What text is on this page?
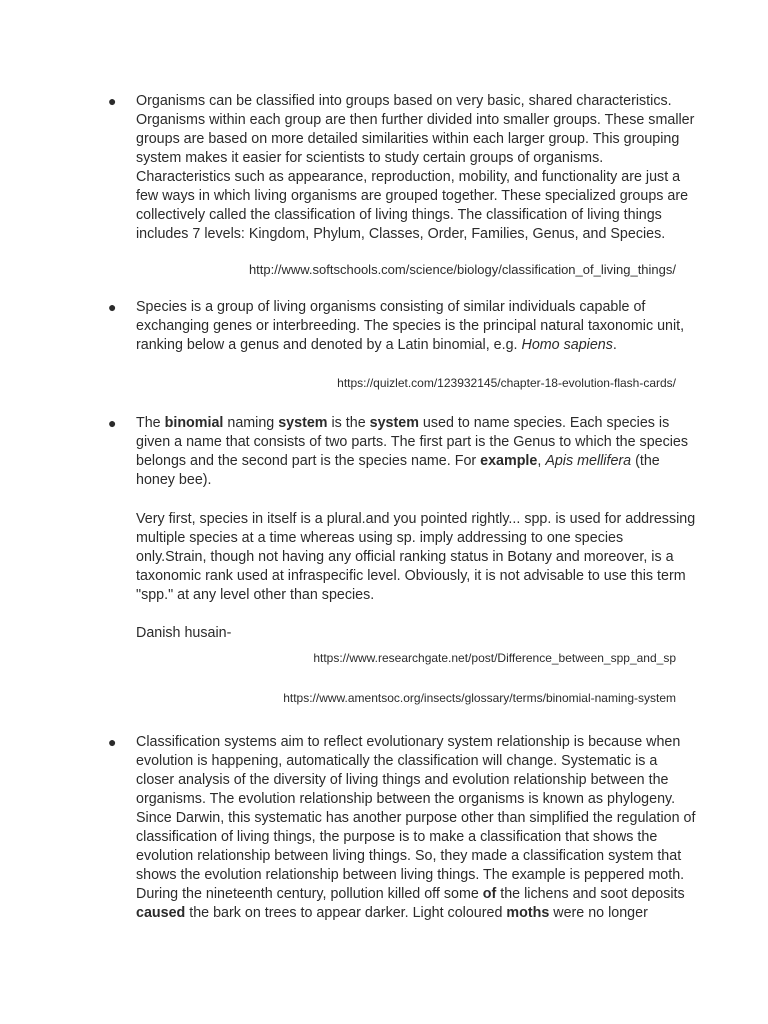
● Organisms can be classified into groups based on very basic, shared characteristics.
Organisms within each group are then further divided into smaller groups. These smaller
groups are based on more detailed similarities within each larger group. This grouping
system makes it easier for scientists to study certain groups of organisms.
Characteristics such as appearance, reproduction, mobility, and functionality are just a
few ways in which living organisms are grouped together. These specialized groups are
collectively called the classification of living things. The classification of living things
includes 7 levels: Kingdom, Phylum, Classes, Order, Families, Genus, and Species.
http://www.softschools.com/science/biology/classification_of_living_things/
● Species is a group of living organisms consisting of similar individuals capable of
exchanging genes or interbreeding. The species is the principal natural taxonomic unit,
ranking below a genus and denoted by a Latin binomial, e.g. Homo sapiens.
https://quizlet.com/123932145/chapter-18-evolution-flash-cards/
● The binomial naming system is the system used to name species. Each species is
given a name that consists of two parts. The first part is the Genus to which the species
belongs and the second part is the species name. For example, Apis mellifera (the
honey bee).
Very first, species in itself is a plural.and you pointed rightly... spp. is used for addressing
multiple species at a time whereas using sp. imply addressing to one species
only.Strain, though not having any official ranking status in Botany and moreover, is a
taxonomic rank used at infraspecific level. Obviously, it is not advisable to use this term
"spp." at any level other than species.
Danish husain-
https://www.researchgate.net/post/Difference_between_spp_and_sp
https://www.amentsoc.org/insects/glossary/terms/binomial-naming-system
● Classification systems aim to reflect evolutionary system relationship is because when
evolution is happening, automatically the classification will change. Systematic is a
closer analysis of the diversity of living things and evolution relationship between the
organisms. The evolution relationship between the organisms is known as phylogeny.
Since Darwin, this systematic has another purpose other than simplified the regulation of
classification of living things, the purpose is to make a classification that shows the
evolution relationship between living things. So, they made a classification system that
shows the evolution relationship between living things. The example is peppered moth.
During the nineteenth century, pollution killed off some of the lichens and soot deposits
caused the bark on trees to appear darker. Light coloured moths were no longer
